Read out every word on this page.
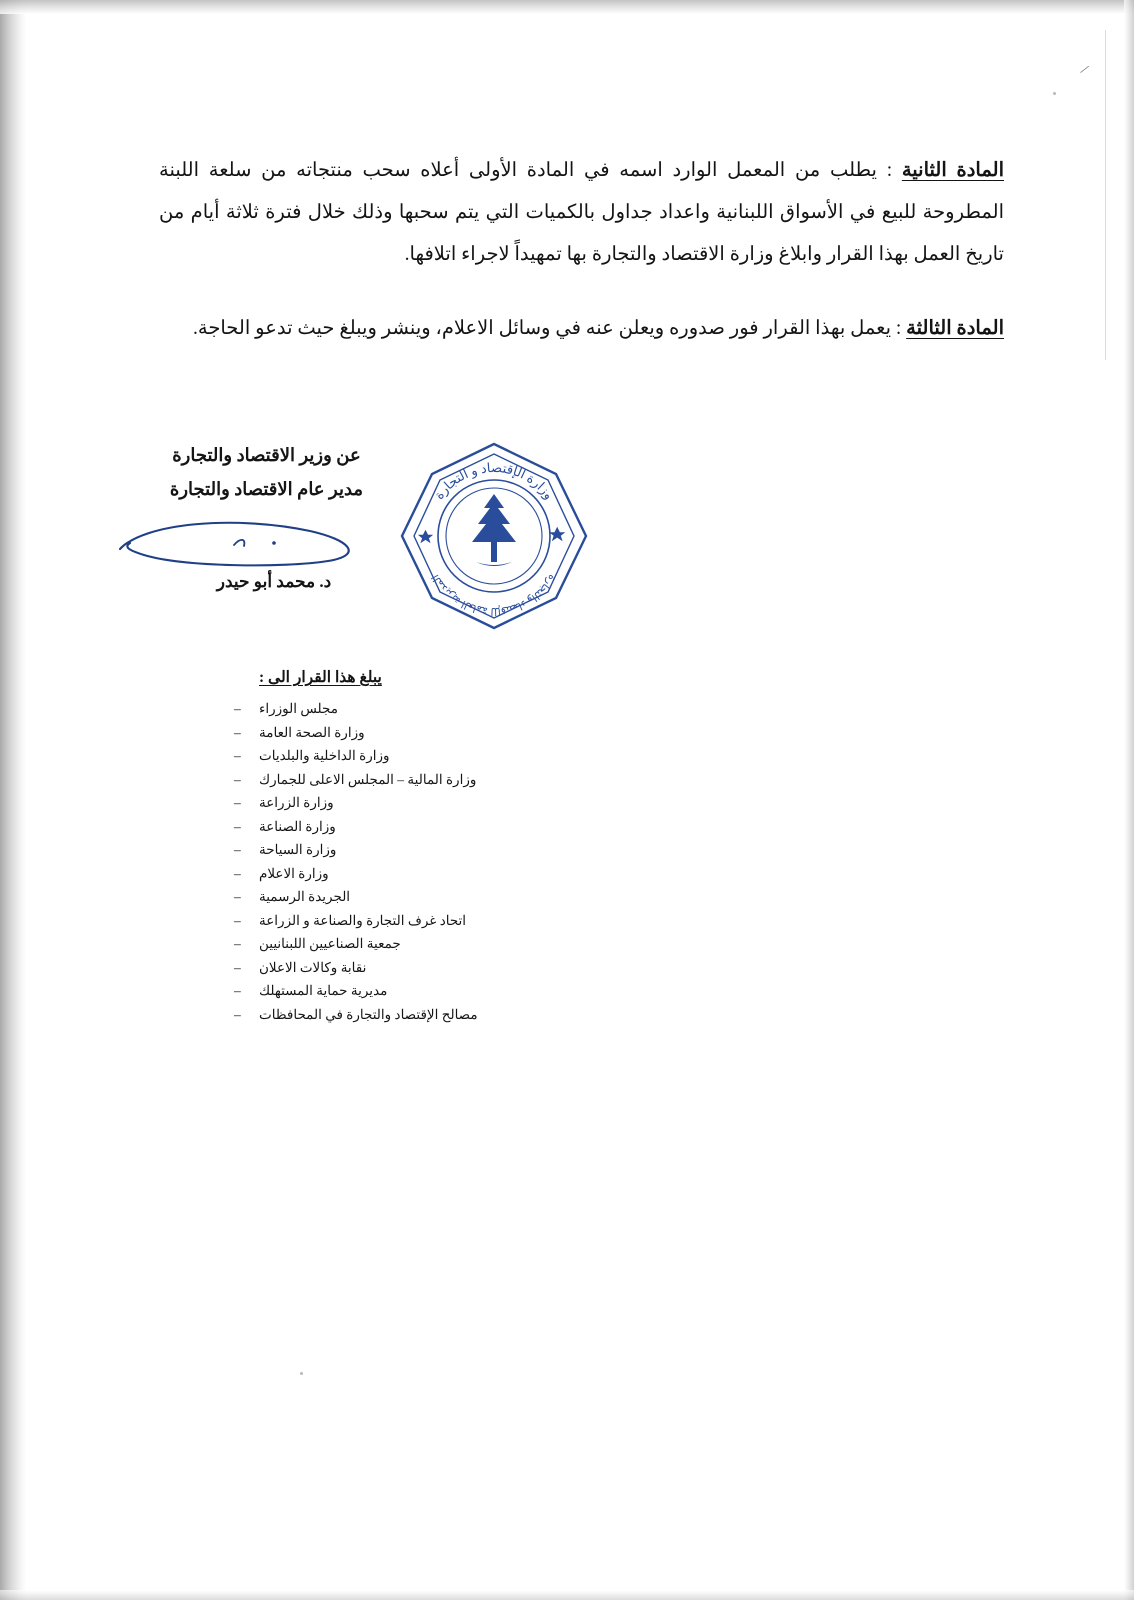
⁄
المادة الثانية : يطلب من المعمل الوارد اسمه في المادة الأولى أعلاه سحب منتجاته من سلعة اللبنة المطروحة للبيع في الأسواق اللبنانية واعداد جداول بالكميات التي يتم سحبها وذلك خلال فترة ثلاثة أيام من تاريخ العمل بهذا القرار وابلاغ وزارة الاقتصاد والتجارة بها تمهيداً لاجراء اتلافها.
المادة الثالثة : يعمل بهذا القرار فور صدوره ويعلن عنه في وسائل الاعلام، وينشر ويبلغ حيث تدعو الحاجة.
عن وزير الاقتصاد والتجارة
مدير عام الاقتصاد والتجارة
د. محمد أبو حيدر
وزارة الإقتصاد و التجارة
المديرية العامة للإقتصاد والتجارة
يبلغ هذا القرار الى :
– مجلس الوزراء
– وزارة الصحة العامة
– وزارة الداخلية والبلديات
– وزارة المالية – المجلس الاعلى للجمارك
– وزارة الزراعة
– وزارة الصناعة
– وزارة السياحة
– وزارة الاعلام
– الجريدة الرسمية
– اتحاد غرف التجارة والصناعة و الزراعة
– جمعية الصناعيين اللبنانيين
– نقابة وكالات الاعلان
– مديرية حماية المستهلك
– مصالح الإقتصاد والتجارة في المحافظات
